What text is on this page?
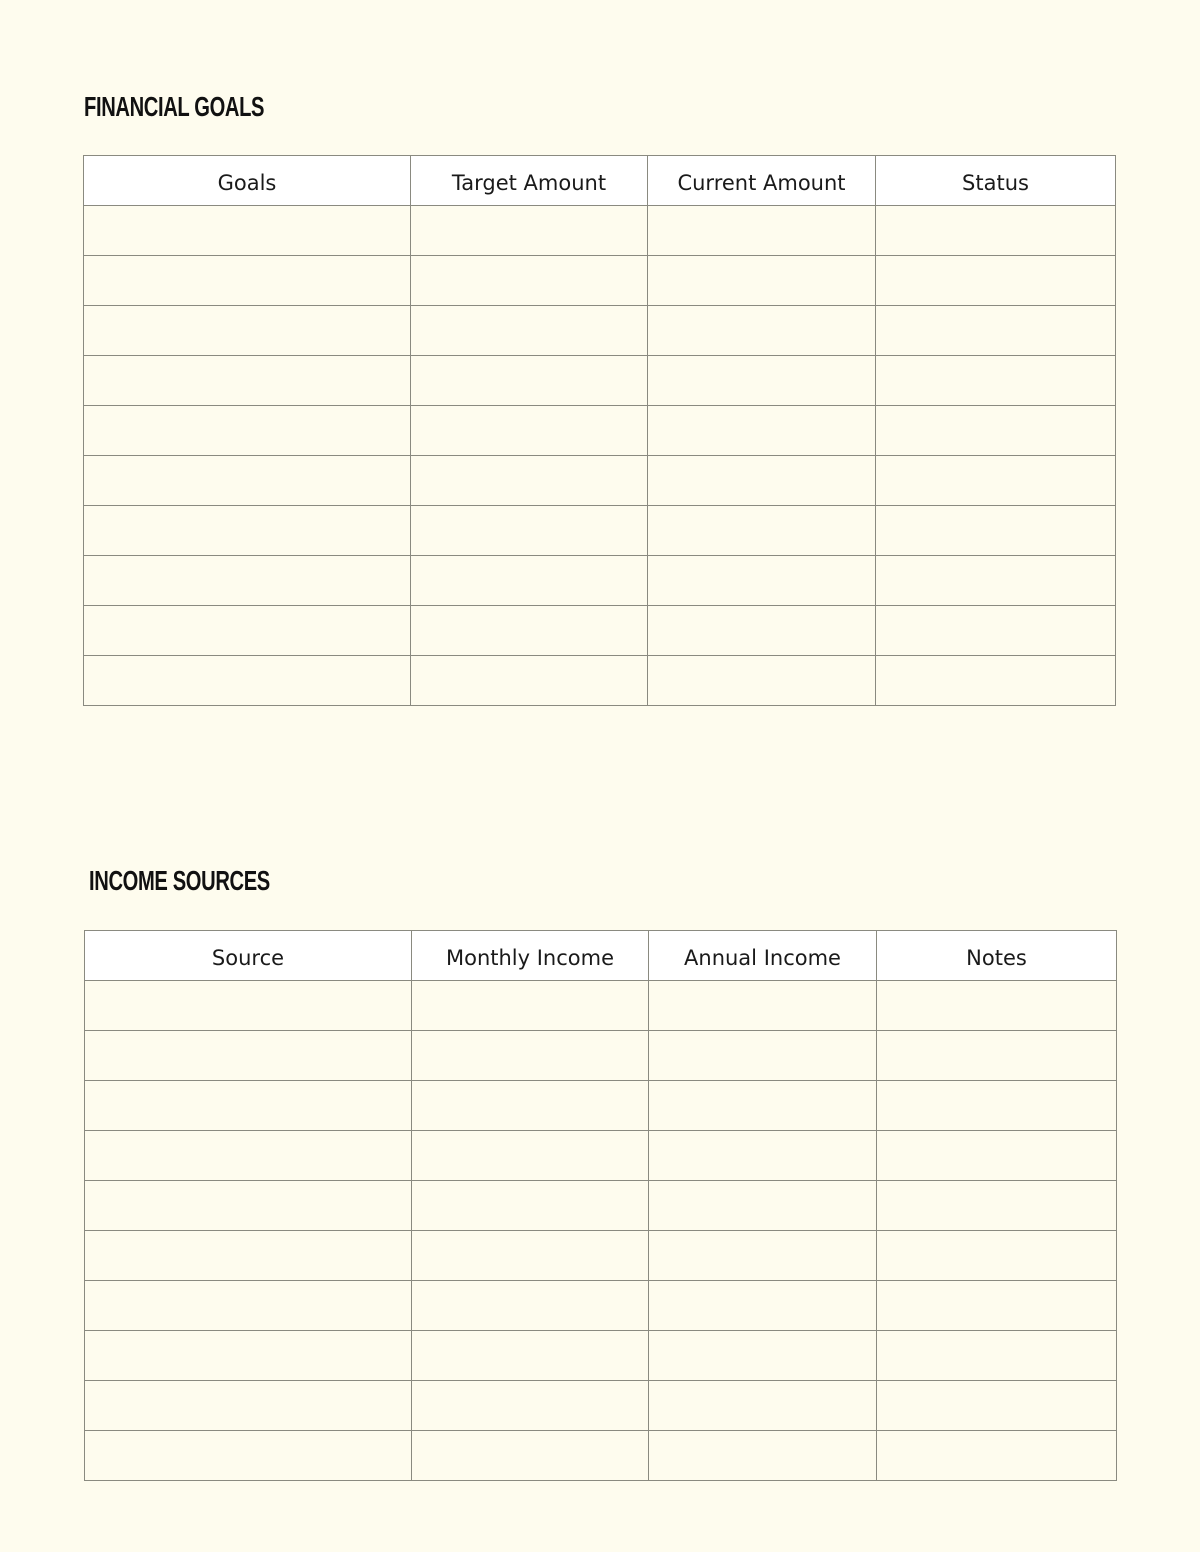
FINANCIAL GOALS
Goals	Target Amount	Current Amount	Status

INCOME SOURCES
Source	Monthly Income	Annual Income	Notes
